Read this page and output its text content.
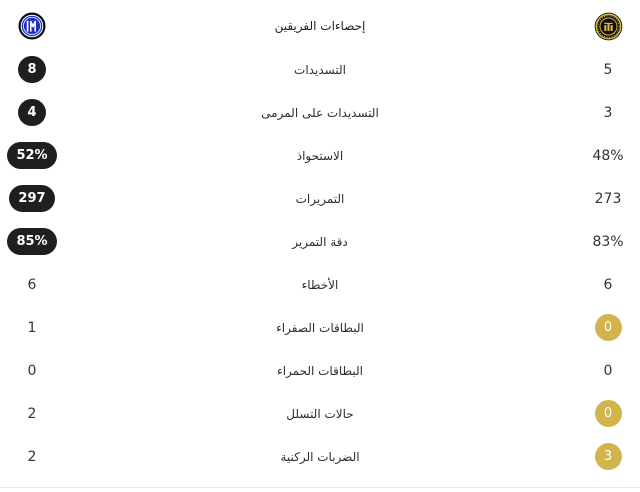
إحصاءات الفريقين
8	التسديدات	5
4	التسديدات على المرمى	3
52%	الاستحواذ	48%
297	التمريرات	273
85%	دقة التمرير	83%
6	الأخطاء	6
1	البطاقات الصفراء	0
0	البطاقات الحمراء	0
2	حالات التسلل	0
2	الضربات الركنية	3
